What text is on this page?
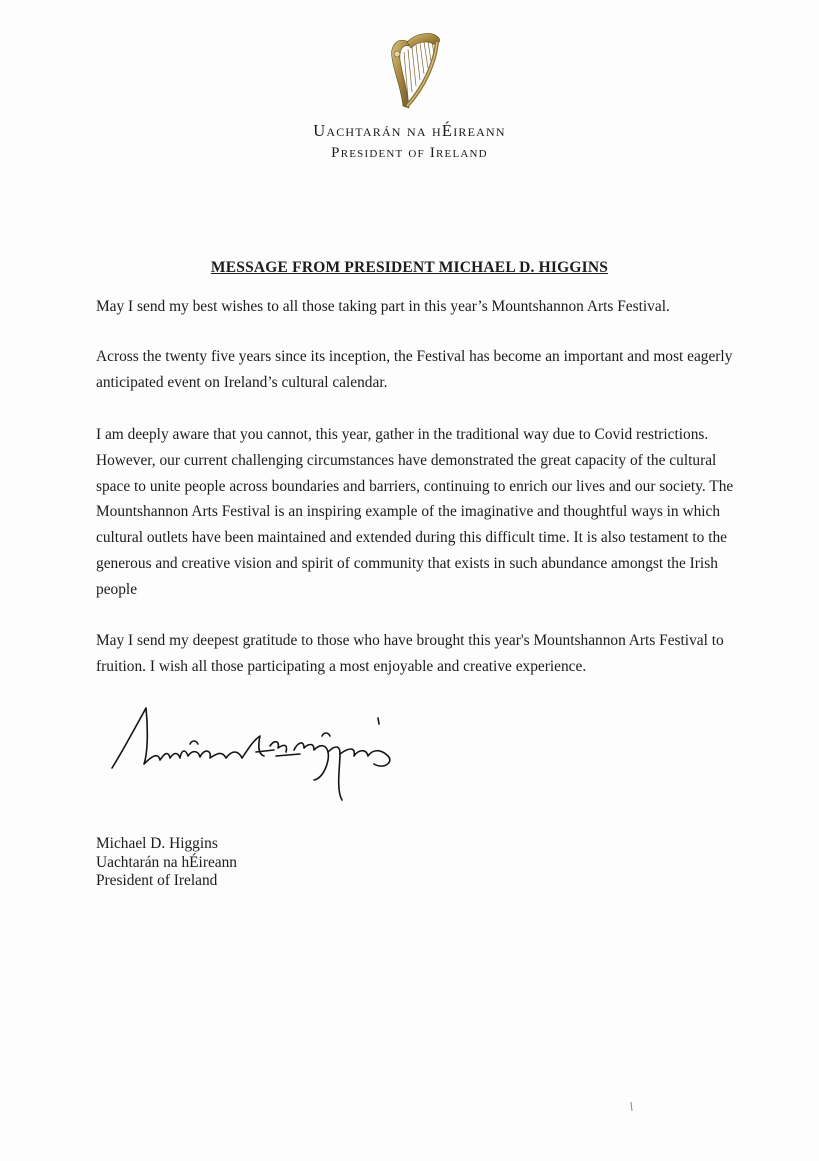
Uachtarán na hÉireann
President of Ireland
MESSAGE FROM PRESIDENT MICHAEL D. HIGGINS

May I send my best wishes to all those taking part in this year’s Mountshannon Arts Festival.

Across the twenty five years since its inception, the Festival has become an important and most eagerly anticipated event on Ireland’s cultural calendar.

I am deeply aware that you cannot, this year, gather in the traditional way due to Covid restrictions. However, our current challenging circumstances have demonstrated the great capacity of the cultural space to unite people across boundaries and barriers, continuing to enrich our lives and our society. The Mountshannon Arts Festival is an inspiring example of the imaginative and thoughtful ways in which cultural outlets have been maintained and extended during this difficult time. It is also testament to the generous and creative vision and spirit of community that exists in such abundance amongst the Irish people

May I send my deepest gratitude to those who have brought this year's Mountshannon Arts Festival to fruition. I wish all those participating a most enjoyable and creative experience.

Michael D. Higgins
Uachtarán na hÉireann
President of Ireland
